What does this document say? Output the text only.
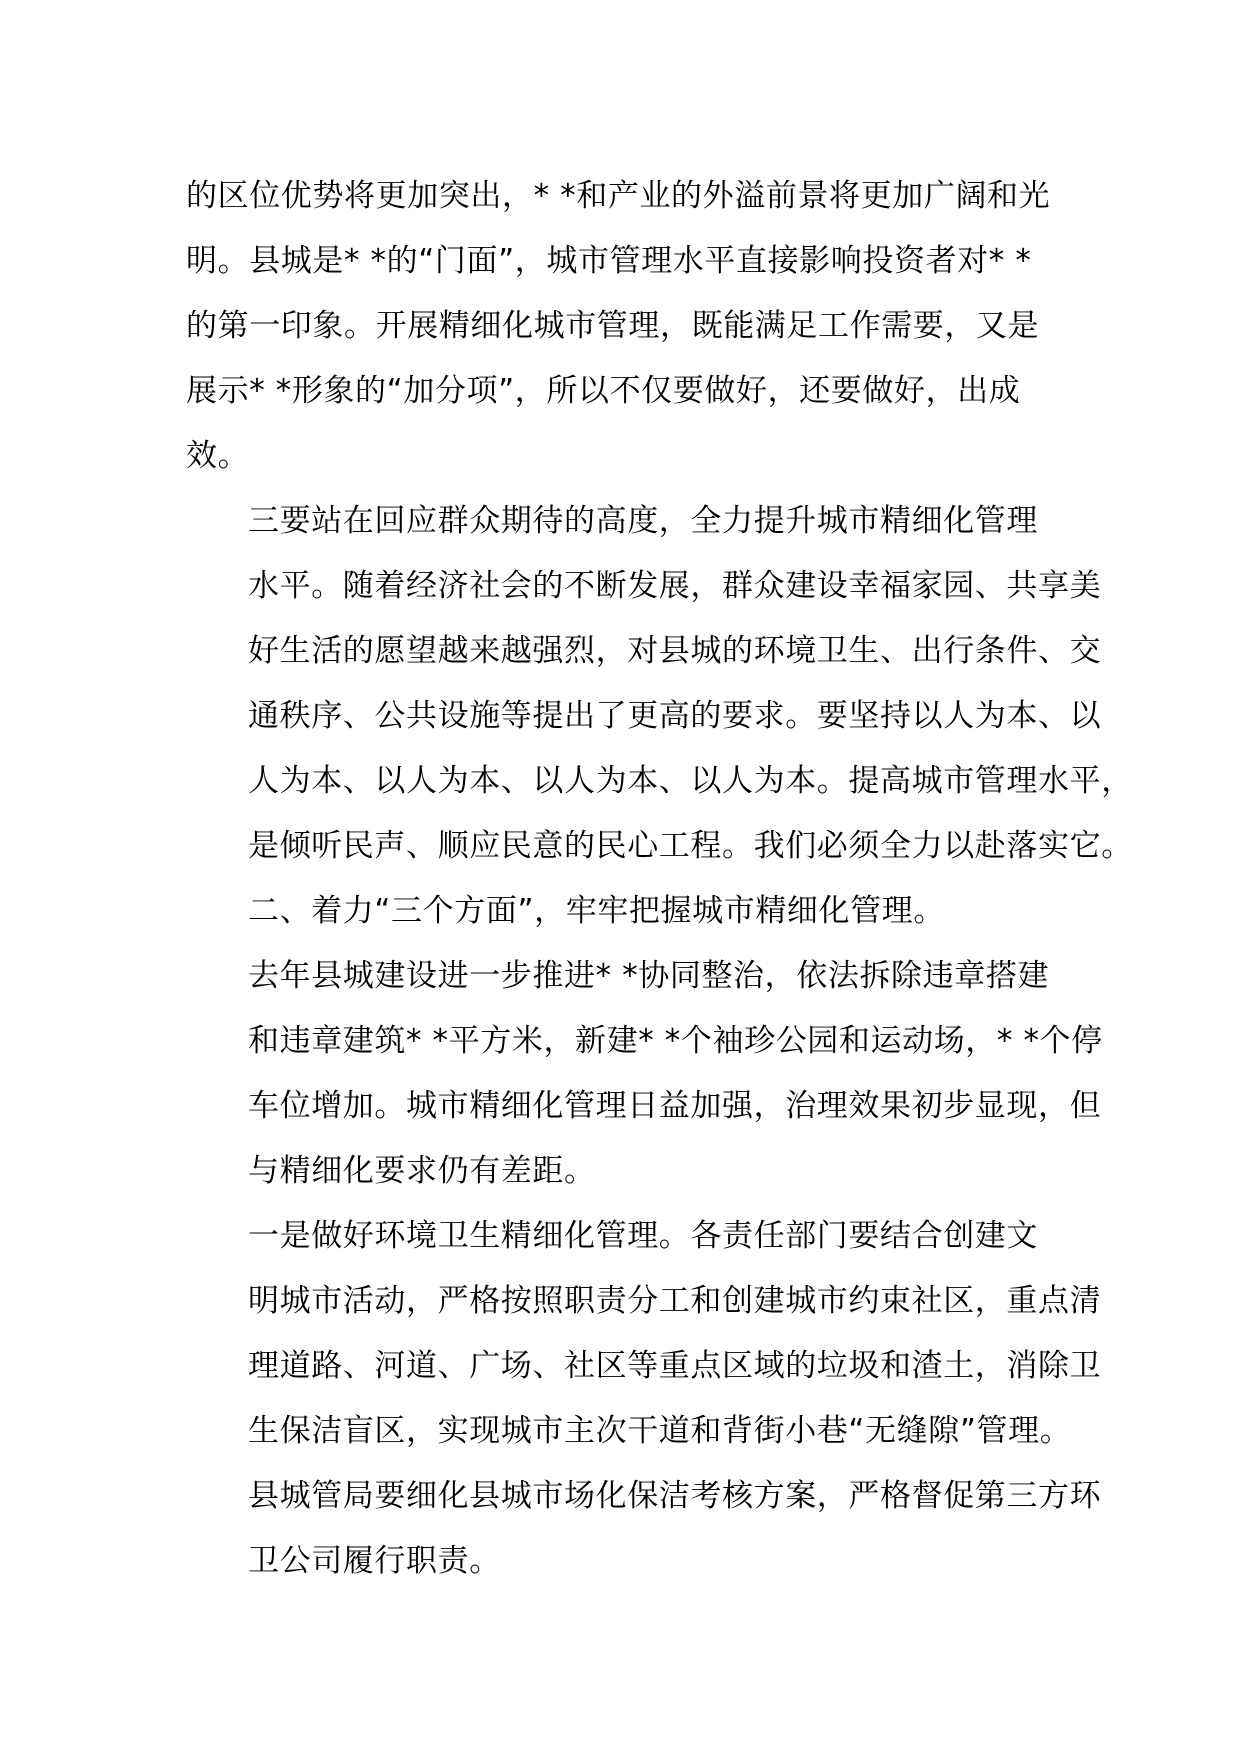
的区位优势将更加突出，* *和产业的外溢前景将更加广阔和光
明。县城是* *的“门面”，城市管理水平直接影响投资者对* *
的第一印象。开展精细化城市管理，既能满足工作需要，又是
展示* *形象的“加分项”，所以不仅要做好，还要做好，出成
效。

三要站在回应群众期待的高度，全力提升城市精细化管理
水平。随着经济社会的不断发展，群众建设幸福家园、共享美
好生活的愿望越来越强烈，对县城的环境卫生、出行条件、交
通秩序、公共设施等提出了更高的要求。要坚持以人为本、以
人为本、以人为本、以人为本、以人为本。提高城市管理水平，
是倾听民声、顺应民意的民心工程。我们必须全力以赴落实它。

二、着力“三个方面”，牢牢把握城市精细化管理。

去年县城建设进一步推进* *协同整治，依法拆除违章搭建
和违章建筑* *平方米，新建* *个袖珍公园和运动场，* *个停
车位增加。城市精细化管理日益加强，治理效果初步显现，但
与精细化要求仍有差距。

一是做好环境卫生精细化管理。各责任部门要结合创建文
明城市活动，严格按照职责分工和创建城市约束社区，重点清
理道路、河道、广场、社区等重点区域的垃圾和渣土，消除卫
生保洁盲区，实现城市主次干道和背街小巷“无缝隙”管理。
县城管局要细化县城市场化保洁考核方案，严格督促第三方环
卫公司履行职责。
